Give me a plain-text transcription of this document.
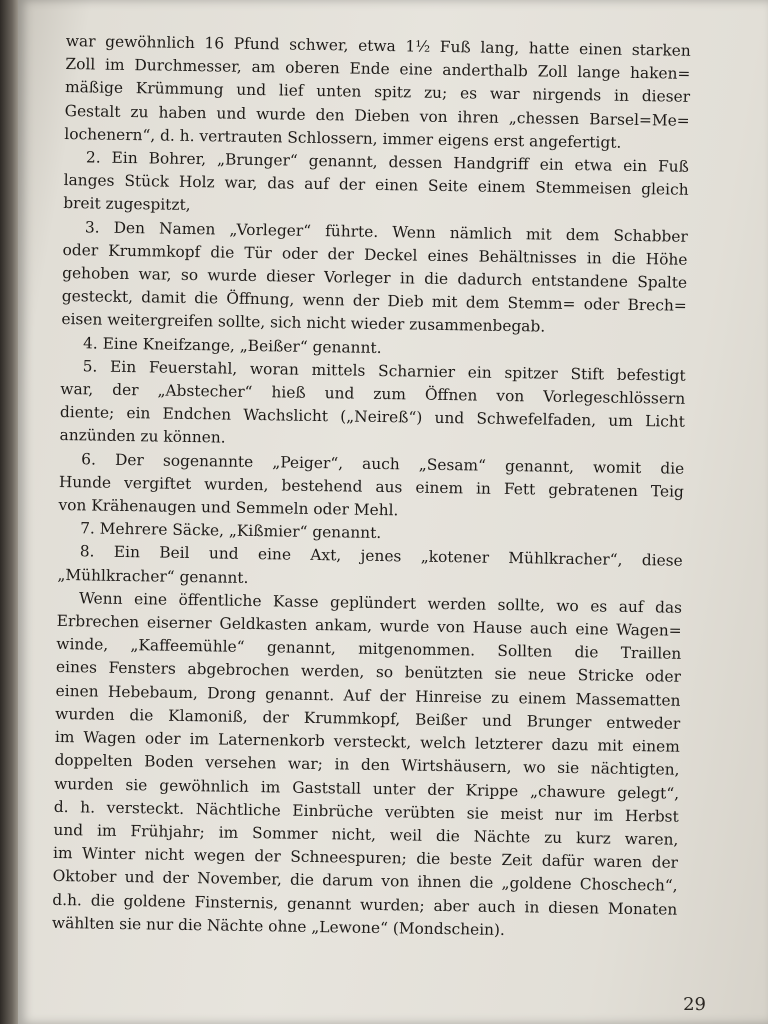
war gewöhnlich 16 Pfund schwer, etwa 1½ Fuß lang, hatte einen starken
Zoll im Durchmesser, am oberen Ende eine anderthalb Zoll lange haken=
mäßige Krümmung und lief unten spitz zu; es war nirgends in dieser
Gestalt zu haben und wurde den Dieben von ihren „chessen Barsel=Me=
lochenern“, d. h. vertrauten Schlossern, immer eigens erst angefertigt.
2. Ein Bohrer, „Brunger“ genannt, dessen Handgriff ein etwa ein Fuß
langes Stück Holz war, das auf der einen Seite einem Stemmeisen gleich
breit zugespitzt,
3. Den Namen „Vorleger“ führte. Wenn nämlich mit dem Schabber
oder Krummkopf die Tür oder der Deckel eines Behältnisses in die Höhe
gehoben war, so wurde dieser Vorleger in die dadurch entstandene Spalte
gesteckt, damit die Öffnung, wenn der Dieb mit dem Stemm= oder Brech=
eisen weitergreifen sollte, sich nicht wieder zusammenbegab.
4. Eine Kneifzange, „Beißer“ genannt.
5. Ein Feuerstahl, woran mittels Scharnier ein spitzer Stift befestigt
war, der „Abstecher“ hieß und zum Öffnen von Vorlegeschlössern
diente; ein Endchen Wachslicht („Neireß“) und Schwefelfaden, um Licht
anzünden zu können.
6. Der sogenannte „Peiger“, auch „Sesam“ genannt, womit die
Hunde vergiftet wurden, bestehend aus einem in Fett gebratenen Teig
von Krähenaugen und Semmeln oder Mehl.
7. Mehrere Säcke, „Kißmier“ genannt.
8. Ein Beil und eine Axt, jenes „kotener Mühlkracher“, diese
„Mühlkracher“ genannt.
Wenn eine öffentliche Kasse geplündert werden sollte, wo es auf das
Erbrechen eiserner Geldkasten ankam, wurde von Hause auch eine Wagen=
winde, „Kaffeemühle“ genannt, mitgenommen. Sollten die Traillen
eines Fensters abgebrochen werden, so benützten sie neue Stricke oder
einen Hebebaum, Drong genannt. Auf der Hinreise zu einem Massematten
wurden die Klamoniß, der Krummkopf, Beißer und Brunger entweder
im Wagen oder im Laternenkorb versteckt, welch letzterer dazu mit einem
doppelten Boden versehen war; in den Wirtshäusern, wo sie nächtigten,
wurden sie gewöhnlich im Gaststall unter der Krippe „chawure gelegt“,
d. h. versteckt. Nächtliche Einbrüche verübten sie meist nur im Herbst
und im Frühjahr; im Sommer nicht, weil die Nächte zu kurz waren,
im Winter nicht wegen der Schneespuren; die beste Zeit dafür waren der
Oktober und der November, die darum von ihnen die „goldene Choschech“,
d.h. die goldene Finsternis, genannt wurden; aber auch in diesen Monaten
wählten sie nur die Nächte ohne „Lewone“ (Mondschein).
29
